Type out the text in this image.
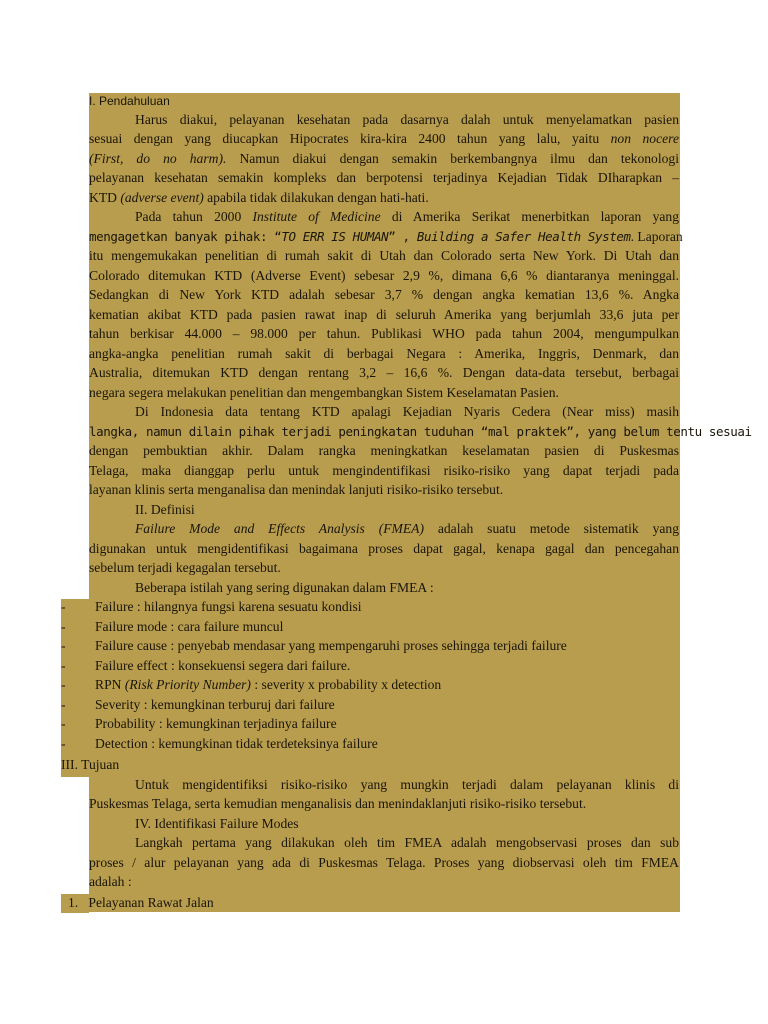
I. Pendahuluan
Harus diakui, pelayanan kesehatan pada dasarnya dalah untuk menyelamatkan pasien
sesuai dengan yang diucapkan Hipocrates kira-kira 2400 tahun yang lalu, yaitu non nocere
(First, do no harm). Namun diakui dengan semakin berkembangnya ilmu dan tekonologi
pelayanan kesehatan semakin kompleks dan berpotensi terjadinya Kejadian Tidak DIharapkan –
KTD (adverse event) apabila tidak dilakukan dengan hati-hati.
Pada tahun 2000 Institute of Medicine di Amerika Serikat menerbitkan laporan yang
mengagetkan banyak pihak: “TO ERR IS HUMAN” , Building a Safer Health System. Laporan
itu mengemukakan penelitian di rumah sakit di Utah dan Colorado serta New York. Di Utah dan
Colorado ditemukan KTD (Adverse Event) sebesar 2,9 %, dimana 6,6 % diantaranya meninggal.
Sedangkan di New York KTD adalah sebesar 3,7 % dengan angka kematian 13,6 %. Angka
kematian akibat KTD pada pasien rawat inap di seluruh Amerika yang berjumlah 33,6 juta per
tahun berkisar 44.000 – 98.000 per tahun. Publikasi WHO pada tahun 2004, mengumpulkan
angka-angka penelitian rumah sakit di berbagai Negara : Amerika, Inggris, Denmark, dan
Australia, ditemukan KTD dengan rentang 3,2 – 16,6 %. Dengan data-data tersebut, berbagai
negara segera melakukan penelitian dan mengembangkan Sistem Keselamatan Pasien.
Di Indonesia data tentang KTD apalagi Kejadian Nyaris Cedera (Near miss) masih
langka, namun dilain pihak terjadi peningkatan tuduhan “mal praktek”, yang belum tentu sesuai
dengan pembuktian akhir. Dalam rangka meningkatkan keselamatan pasien di Puskesmas
Telaga, maka dianggap perlu untuk mengindentifikasi risiko-risiko yang dapat terjadi pada
layanan klinis serta menganalisa dan menindak lanjuti risiko-risiko tersebut.
II. Definisi
Failure Mode and Effects Analysis (FMEA) adalah suatu metode sistematik yang
digunakan untuk mengidentifikasi bagaimana proses dapat gagal, kenapa gagal dan pencegahan
sebelum terjadi kegagalan tersebut.
Beberapa istilah yang sering digunakan dalam FMEA :
- Failure : hilangnya fungsi karena sesuatu kondisi
- Failure mode : cara failure muncul
- Failure cause : penyebab mendasar yang mempengaruhi proses sehingga terjadi failure
- Failure effect : konsekuensi segera dari failure.
- RPN (Risk Priority Number) : severity x probability x detection
- Severity : kemungkinan terburuj dari failure
- Probability : kemungkinan terjadinya failure
- Detection : kemungkinan tidak terdeteksinya failure
III. Tujuan
Untuk mengidentifiksi risiko-risiko yang mungkin terjadi dalam pelayanan klinis di
Puskesmas Telaga, serta kemudian menganalisis dan menindaklanjuti risiko-risiko tersebut.
IV. Identifikasi Failure Modes
Langkah pertama yang dilakukan oleh tim FMEA adalah mengobservasi proses dan sub
proses / alur pelayanan yang ada di Puskesmas Telaga. Proses yang diobservasi oleh tim FMEA
adalah :
1.   Pelayanan Rawat Jalan
